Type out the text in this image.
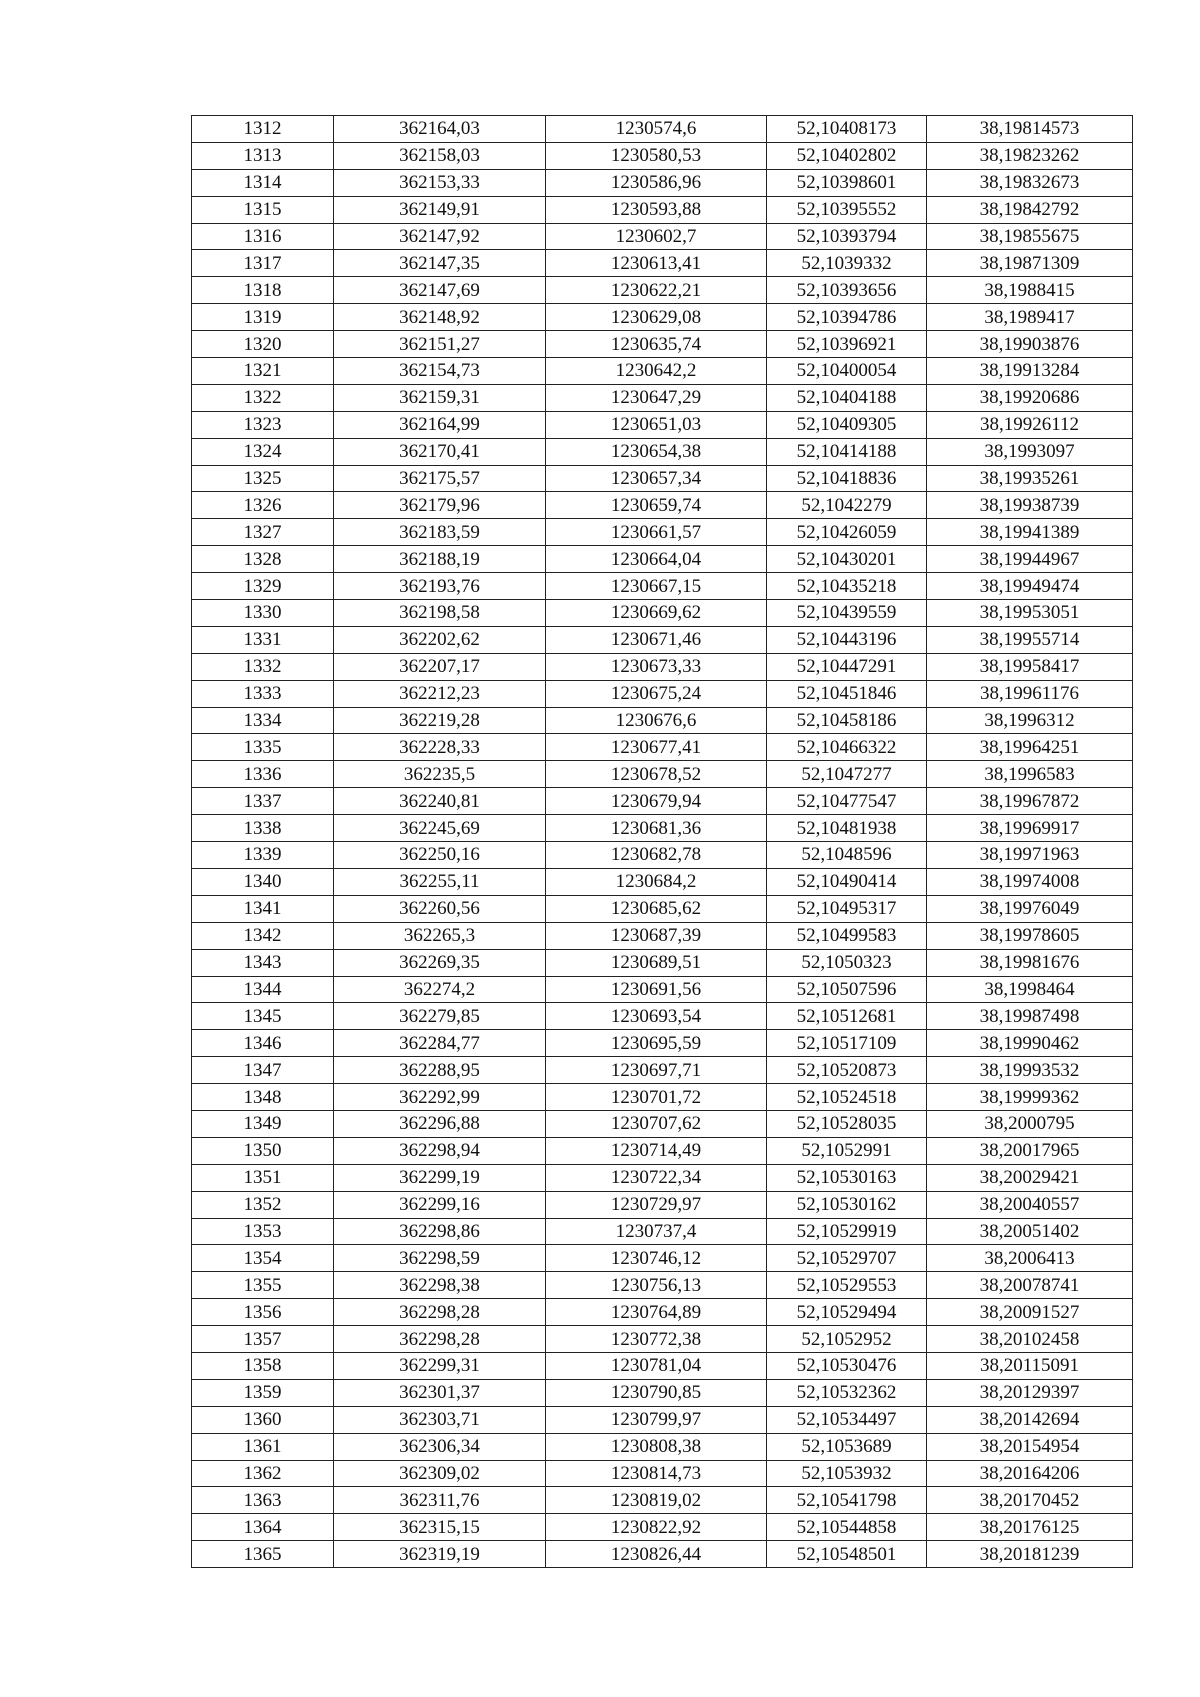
1312	362164,03	1230574,6	52,10408173	38,19814573
1313	362158,03	1230580,53	52,10402802	38,19823262
1314	362153,33	1230586,96	52,10398601	38,19832673
1315	362149,91	1230593,88	52,10395552	38,19842792
1316	362147,92	1230602,7	52,10393794	38,19855675
1317	362147,35	1230613,41	52,1039332	38,19871309
1318	362147,69	1230622,21	52,10393656	38,1988415
1319	362148,92	1230629,08	52,10394786	38,1989417
1320	362151,27	1230635,74	52,10396921	38,19903876
1321	362154,73	1230642,2	52,10400054	38,19913284
1322	362159,31	1230647,29	52,10404188	38,19920686
1323	362164,99	1230651,03	52,10409305	38,19926112
1324	362170,41	1230654,38	52,10414188	38,1993097
1325	362175,57	1230657,34	52,10418836	38,19935261
1326	362179,96	1230659,74	52,1042279	38,19938739
1327	362183,59	1230661,57	52,10426059	38,19941389
1328	362188,19	1230664,04	52,10430201	38,19944967
1329	362193,76	1230667,15	52,10435218	38,19949474
1330	362198,58	1230669,62	52,10439559	38,19953051
1331	362202,62	1230671,46	52,10443196	38,19955714
1332	362207,17	1230673,33	52,10447291	38,19958417
1333	362212,23	1230675,24	52,10451846	38,19961176
1334	362219,28	1230676,6	52,10458186	38,1996312
1335	362228,33	1230677,41	52,10466322	38,19964251
1336	362235,5	1230678,52	52,1047277	38,1996583
1337	362240,81	1230679,94	52,10477547	38,19967872
1338	362245,69	1230681,36	52,10481938	38,19969917
1339	362250,16	1230682,78	52,1048596	38,19971963
1340	362255,11	1230684,2	52,10490414	38,19974008
1341	362260,56	1230685,62	52,10495317	38,19976049
1342	362265,3	1230687,39	52,10499583	38,19978605
1343	362269,35	1230689,51	52,1050323	38,19981676
1344	362274,2	1230691,56	52,10507596	38,1998464
1345	362279,85	1230693,54	52,10512681	38,19987498
1346	362284,77	1230695,59	52,10517109	38,19990462
1347	362288,95	1230697,71	52,10520873	38,19993532
1348	362292,99	1230701,72	52,10524518	38,19999362
1349	362296,88	1230707,62	52,10528035	38,2000795
1350	362298,94	1230714,49	52,1052991	38,20017965
1351	362299,19	1230722,34	52,10530163	38,20029421
1352	362299,16	1230729,97	52,10530162	38,20040557
1353	362298,86	1230737,4	52,10529919	38,20051402
1354	362298,59	1230746,12	52,10529707	38,2006413
1355	362298,38	1230756,13	52,10529553	38,20078741
1356	362298,28	1230764,89	52,10529494	38,20091527
1357	362298,28	1230772,38	52,1052952	38,20102458
1358	362299,31	1230781,04	52,10530476	38,20115091
1359	362301,37	1230790,85	52,10532362	38,20129397
1360	362303,71	1230799,97	52,10534497	38,20142694
1361	362306,34	1230808,38	52,1053689	38,20154954
1362	362309,02	1230814,73	52,1053932	38,20164206
1363	362311,76	1230819,02	52,10541798	38,20170452
1364	362315,15	1230822,92	52,10544858	38,20176125
1365	362319,19	1230826,44	52,10548501	38,20181239
